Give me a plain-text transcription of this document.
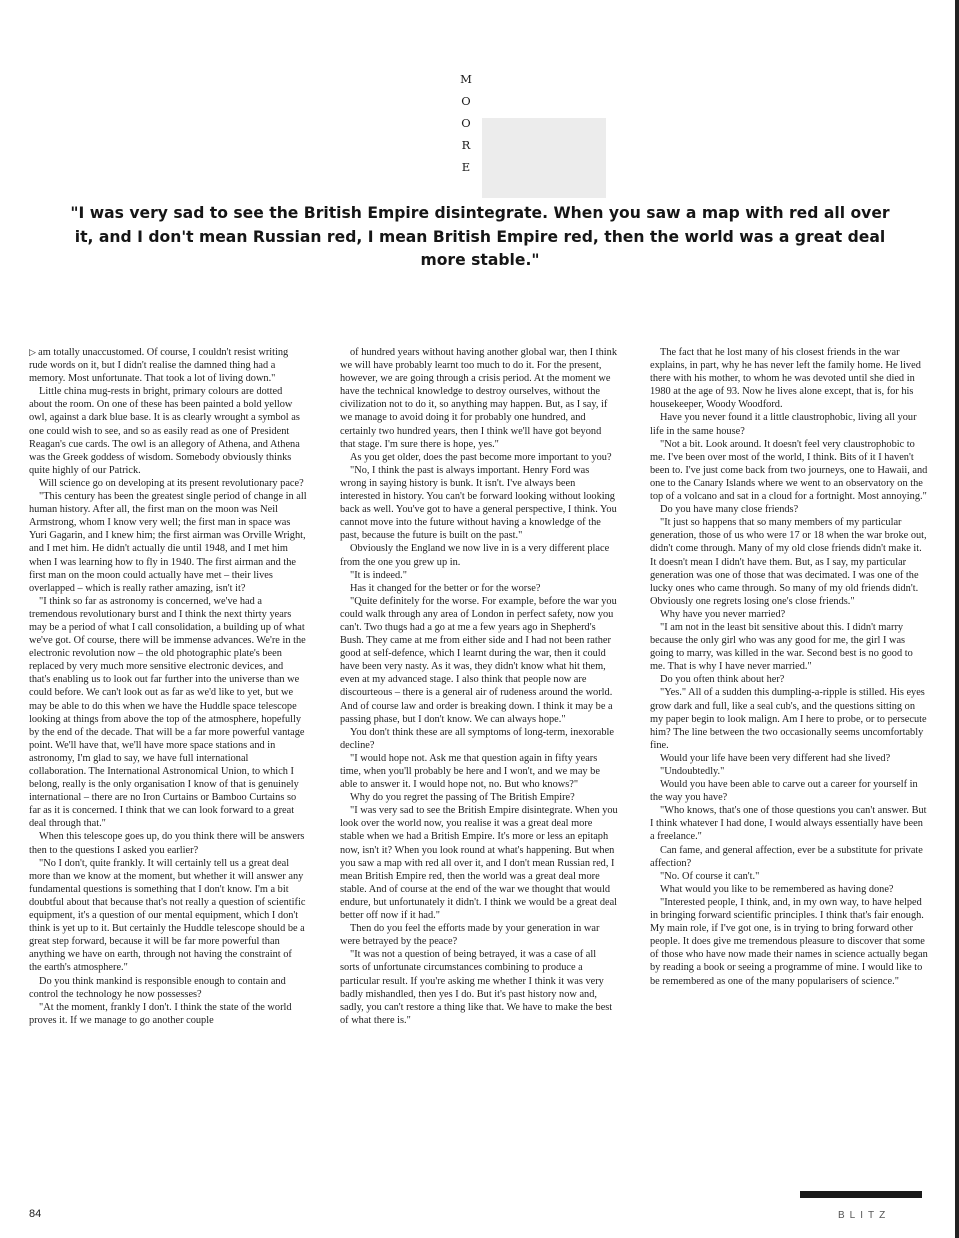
M
O
O
R
E
"I was very sad to see the British Empire disintegrate. When you saw a map with red all over it, and I don't mean Russian red, I mean British Empire red, then the world was a great deal more stable."

▷ am totally unaccustomed. Of course, I couldn't resist writing rude words on it, but I didn't realise the damned thing had a memory. Most unfortunate. That took a lot of living down."

Little china mug-rests in bright, primary colours are dotted about the room. On one of these has been painted a bold yellow owl, against a dark blue base. It is as clearly wrought a symbol as one could wish to see, and so as easily read as one of President Reagan's cue cards. The owl is an allegory of Athena, and Athena was the Greek goddess of wisdom. Somebody obviously thinks quite highly of our Patrick.

Will science go on developing at its present revolutionary pace?

"This century has been the greatest single period of change in all human history. After all, the first man on the moon was Neil Armstrong, whom I know very well; the first man in space was Yuri Gagarin, and I knew him; the first airman was Orville Wright, and I met him. He didn't actually die until 1948, and I met him when I was learning how to fly in 1940. The first airman and the first man on the moon could actually have met – their lives overlapped – which is really rather amazing, isn't it?

"I think so far as astronomy is concerned, we've had a tremendous revolutionary burst and I think the next thirty years may be a period of what I call consolidation, a building up of what we've got. Of course, there will be immense advances. We're in the electronic revolution now – the old photographic plate's been replaced by very much more sensitive electronic devices, and that's enabling us to look out far further into the universe than we could before. We can't look out as far as we'd like to yet, but we may be able to do this when we have the Huddle space telescope looking at things from above the top of the atmosphere, hopefully by the end of the decade. That will be a far more powerful vantage point. We'll have that, we'll have more space stations and in astronomy, I'm glad to say, we have full international collaboration. The International Astronomical Union, to which I belong, really is the only organisation I know of that is genuinely international – there are no Iron Curtains or Bamboo Curtains so far as it is concerned. I think that we can look forward to a great deal through that."

When this telescope goes up, do you think there will be answers then to the questions I asked you earlier?

"No I don't, quite frankly. It will certainly tell us a great deal more than we know at the moment, but whether it will answer any fundamental questions is something that I don't know. I'm a bit doubtful about that because that's not really a question of scientific equipment, it's a question of our mental equipment, which I don't think is yet up to it. But certainly the Huddle telescope should be a great step forward, because it will be far more powerful than anything we have on earth, through not having the constraint of the earth's atmosphere."

Do you think mankind is responsible enough to contain and control the technology he now possesses?

"At the moment, frankly I don't. I think the state of the world proves it. If we manage to go another couple

of hundred years without having another global war, then I think we will have probably learnt too much to do it. For the present, however, we are going through a crisis period. At the moment we have the technical knowledge to destroy ourselves, without the civilization not to do it, so anything may happen. But, as I say, if we manage to avoid doing it for probably one hundred, and certainly two hundred years, then I think we'll have got beyond that stage. I'm sure there is hope, yes."

As you get older, does the past become more important to you?

"No, I think the past is always important. Henry Ford was wrong in saying history is bunk. It isn't. I've always been interested in history. You can't be forward looking without looking back as well. You've got to have a general perspective, I think. You cannot move into the future without having a knowledge of the past, because the future is built on the past."

Obviously the England we now live in is a very different place from the one you grew up in.

"It is indeed."

Has it changed for the better or for the worse?

"Quite definitely for the worse. For example, before the war you could walk through any area of London in perfect safety, now you can't. Two thugs had a go at me a few years ago in Shepherd's Bush. They came at me from either side and I had not been rather good at self-defence, which I learnt during the war, then it could have been very nasty. As it was, they didn't know what hit them, even at my advanced stage. I also think that people now are discourteous – there is a general air of rudeness around the world. And of course law and order is breaking down. I think it may be a passing phase, but I don't know. We can always hope."

You don't think these are all symptoms of long-term, inexorable decline?

"I would hope not. Ask me that question again in fifty years time, when you'll probably be here and I won't, and we may be able to answer it. I would hope not, no. But who knows?"

Why do you regret the passing of The British Empire?

"I was very sad to see the British Empire disintegrate. When you look over the world now, you realise it was a great deal more stable when we had a British Empire. It's more or less an epitaph now, isn't it? When you look round at what's happening. But when you saw a map with red all over it, and I don't mean Russian red, I mean British Empire red, then the world was a great deal more stable. And of course at the end of the war we thought that would endure, but unfortunately it didn't. I think we would be a great deal better off now if it had."

Then do you feel the efforts made by your generation in war were betrayed by the peace?

"It was not a question of being betrayed, it was a case of all sorts of unfortunate circumstances combining to produce a particular result. If you're asking me whether I think it was very badly mishandled, then yes I do. But it's past history now and, sadly, you can't restore a thing like that. We have to make the best of what there is."

The fact that he lost many of his closest friends in the war explains, in part, why he has never left the family home. He lived there with his mother, to whom he was devoted until she died in 1980 at the age of 93. Now he lives alone except, that is, for his housekeeper, Woody Woodford.

Have you never found it a little claustrophobic, living all your life in the same house?

"Not a bit. Look around. It doesn't feel very claustrophobic to me. I've been over most of the world, I think. Bits of it I haven't been to. I've just come back from two journeys, one to Hawaii, and one to the Canary Islands where we went to an observatory on the top of a volcano and sat in a cloud for a fortnight. Most annoying."

Do you have many close friends?

"It just so happens that so many members of my particular generation, those of us who were 17 or 18 when the war broke out, didn't come through. Many of my old close friends didn't make it. It doesn't mean I didn't have them. But, as I say, my particular generation was one of those that was decimated. I was one of the lucky ones who came through. So many of my old friends didn't. Obviously one regrets losing one's close friends."

Why have you never married?

"I am not in the least bit sensitive about this. I didn't marry because the only girl who was any good for me, the girl I was going to marry, was killed in the war. Second best is no good to me. That is why I have never married."

Do you often think about her?

"Yes." All of a sudden this dumpling-a-ripple is stilled. His eyes grow dark and full, like a seal cub's, and the questions sitting on my paper begin to look malign. Am I here to probe, or to persecute him? The line between the two occasionally seems uncomfortably fine.

Would your life have been very different had she lived?

"Undoubtedly."

Would you have been able to carve out a career for yourself in the way you have?

"Who knows, that's one of those questions you can't answer. But I think whatever I had done, I would always essentially have been a freelance."

Can fame, and general affection, ever be a substitute for private affection?

"No. Of course it can't."

What would you like to be remembered as having done?

"Interested people, I think, and, in my own way, to have helped in bringing forward scientific principles. I think that's fair enough. My main role, if I've got one, is in trying to bring forward other people. It does give me tremendous pleasure to discover that some of those who have now made their names in science actually began by reading a book or seeing a programme of mine. I would like to be remembered as one of the many popularisers of science."

84	BLITZ
